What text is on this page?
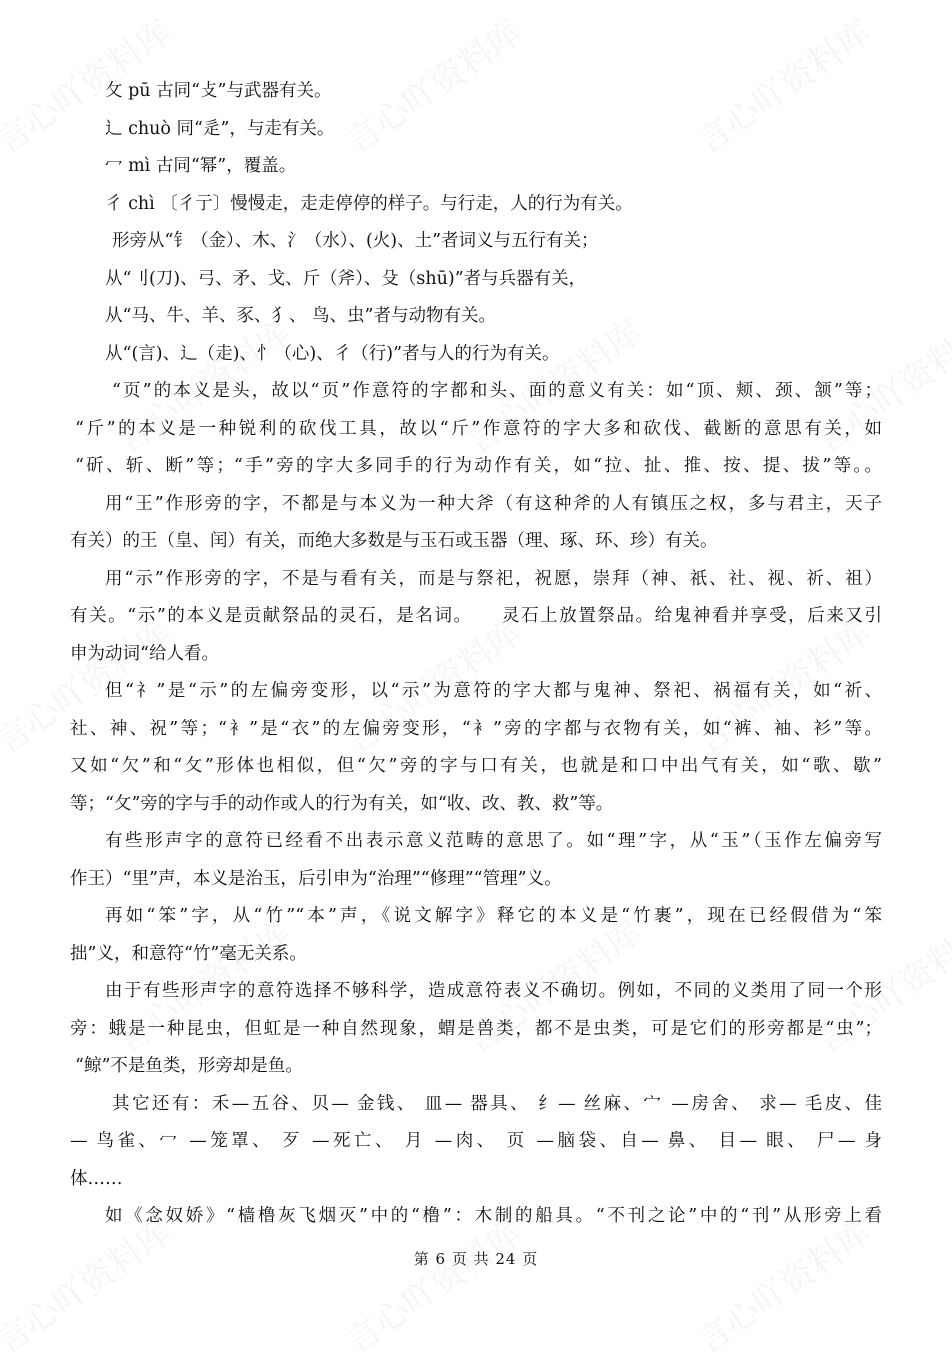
攵 pū 古同“攴”与武器有关。
辶 chuò 同“辵”，与走有关。
冖 mì 古同“幂”，覆盖。
彳 chì 〔彳亍〕慢慢走，走走停停的样子。与行走，人的行为有关。
形旁从“钅（金）、木、氵（水）、(火)、土”者词义与五行有关；
从“刂(刀)、弓、矛、戈、斤（斧）、殳（shū)”者与兵器有关，
从“马、牛、羊、豕、犭、 鸟、虫”者与动物有关。
从“(言)、辶（走)、忄（心)、彳（行)”者与人的行为有关。
“页”的本义是头，故以“页”作意符的字都和头、面的意义有关：如“顶、颊、颈、颔”等；
“斤”的本义是一种锐利的砍伐工具，故以“斤”作意符的字大多和砍伐、截断的意思有关，如
“斫、斩、断”等；“手”旁的字大多同手的行为动作有关，如“拉、扯、推、按、提、拔”等。。
用“王”作形旁的字，不都是与本义为一种大斧（有这种斧的人有镇压之权，多与君主，天子
有关）的王（皇、闰）有关，而绝大多数是与玉石或玉器（理、琢、环、珍）有关。
用“示”作形旁的字，不是与看有关，而是与祭祀，祝愿，崇拜（神、祇、社、视、祈、祖）
有关。“示”的本义是贡献祭品的灵石，是名词。　　灵石上放置祭品。给鬼神看并享受，后来又引
申为动词“给人看。
但“礻”是“示”的左偏旁变形，以“示”为意符的字大都与鬼神、祭祀、祸福有关，如“祈、
社、神、祝”等；“衤”是“衣”的左偏旁变形，“衤”旁的字都与衣物有关，如“裤、袖、衫”等。
又如“欠”和“攵”形体也相似，但“欠”旁的字与口有关，也就是和口中出气有关，如“歌、歇”
等；“攵”旁的字与手的动作或人的行为有关，如“收、改、教、救”等。
有些形声字的意符已经看不出表示意义范畴的意思了。如“理”字，从“玉”（玉作左偏旁写
作王）“里”声，本义是治玉，后引申为“治理”“修理”“管理”义。
再如“笨”字，从“竹”“本”声，《说文解字》释它的本义是“竹裹”，现在已经假借为“笨
拙”义，和意符“竹”毫无关系。
由于有些形声字的意符选择不够科学，造成意符表义不确切。例如，不同的义类用了同一个形
旁：蛾是一种昆虫，但虹是一种自然现象，蝟是兽类，都不是虫类，可是它们的形旁都是“虫”；
“鲸”不是鱼类，形旁却是鱼。
其它还有：禾—五谷、贝— 金钱、 皿— 器具、 纟— 丝麻、宀 —房舍、 求— 毛皮、佳
— 鸟雀、冖 —笼罩、 歹 —死亡、 月 —肉、 页 —脑袋、自— 鼻、 目— 眼、 尸— 身
体……
如《念奴娇》“樯橹灰飞烟灭”中的“橹”：木制的船具。“不刊之论”中的“刊”从形旁上看
第 6 页 共 24 页
